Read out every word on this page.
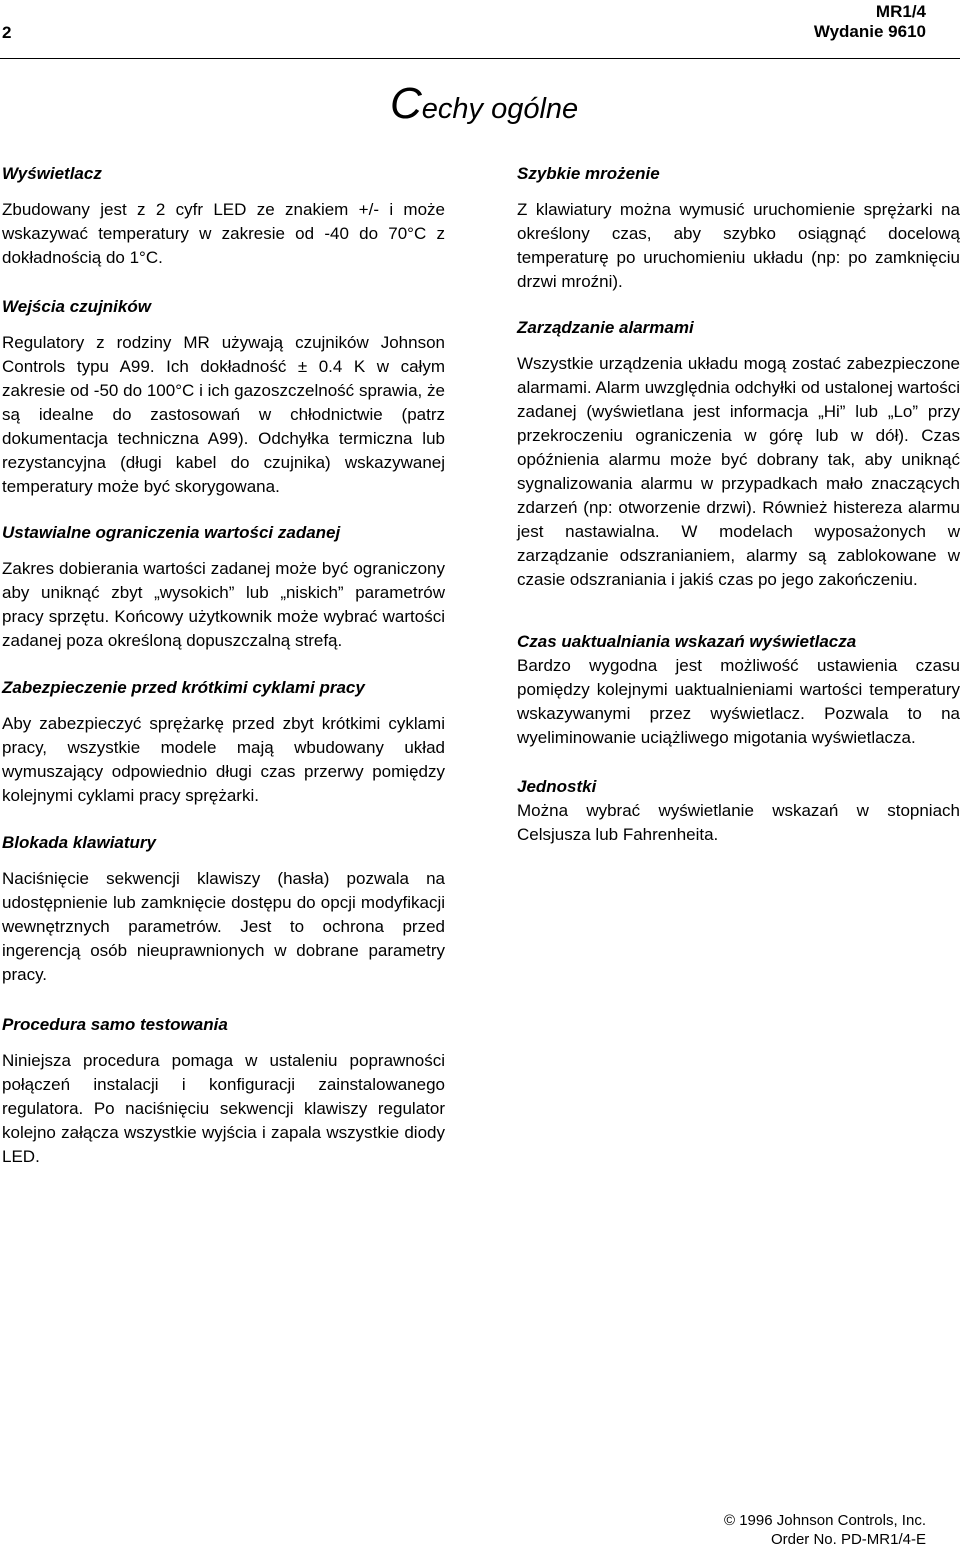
2
MR1/4
Wydanie 9610
Cechy ogólne
Wyświetlacz

Zbudowany jest z 2 cyfr LED ze znakiem +/- i może wskazywać temperatury w zakresie od -40 do 70°C z dokładnością do 1°C.

Wejścia czujników

Regulatory z rodziny MR używają czujników Johnson Controls typu A99. Ich dokładność ± 0.4 K w całym zakresie od -50 do 100°C i ich gazoszczelność sprawia, że są idealne do zastosowań w chłodnictwie (patrz dokumentacja techniczna A99). Odchyłka termiczna lub rezystancyjna (długi kabel do czujnika) wskazywanej temperatury może być skorygowana.

Ustawialne ograniczenia wartości zadanej

Zakres dobierania wartości zadanej może być ograniczony aby uniknąć zbyt „wysokich” lub „niskich” parametrów pracy sprzętu. Końcowy użytkownik może wybrać wartości zadanej poza określoną dopuszczalną strefą.

Zabezpieczenie przed krótkimi cyklami pracy

Aby zabezpieczyć sprężarkę przed zbyt krótkimi cyklami pracy, wszystkie modele mają wbudowany układ wymuszający odpowiednio długi czas przerwy pomiędzy kolejnymi cyklami pracy sprężarki.

Blokada klawiatury

Naciśnięcie sekwencji klawiszy (hasła) pozwala na udostępnienie lub zamknięcie dostępu do opcji modyfikacji wewnętrznych parametrów. Jest to ochrona przed ingerencją osób nieuprawnionych w dobrane parametry pracy.

Procedura samo testowania

Niniejsza procedura pomaga w ustaleniu poprawności połączeń instalacji i konfiguracji zainstalowanego regulatora. Po naciśnięciu sekwencji klawiszy regulator kolejno załącza wszystkie wyjścia i zapala wszystkie diody LED.

Szybkie mrożenie

Z klawiatury można wymusić uruchomienie sprężarki na określony czas, aby szybko osiągnąć docelową temperaturę po uruchomieniu układu (np: po zamknięciu drzwi mroźni).

Zarządzanie alarmami

Wszystkie urządzenia układu mogą zostać zabezpieczone alarmami. Alarm uwzględnia odchyłki od ustalonej wartości zadanej (wyświetlana jest informacja „Hi” lub „Lo” przy przekroczeniu ograniczenia w górę lub w dół). Czas opóźnienia alarmu może być dobrany tak, aby uniknąć sygnalizowania alarmu w przypadkach mało znaczących zdarzeń (np: otworzenie drzwi). Również histereza alarmu jest nastawialna. W modelach wyposażonych w zarządzanie odszranianiem, alarmy są zablokowane w czasie odszraniania i jakiś czas po jego zakończeniu.

Czas uaktualniania wskazań wyświetlacza

Bardzo wygodna jest możliwość ustawienia czasu pomiędzy kolejnymi uaktualnieniami wartości temperatury wskazywanymi przez wyświetlacz. Pozwala to na wyeliminowanie uciążliwego migotania wyświetlacza.

Jednostki

Można wybrać wyświetlanie wskazań w stopniach Celsjusza lub Fahrenheita.

© 1996 Johnson Controls, Inc.
Order No. PD-MR1/4-E
